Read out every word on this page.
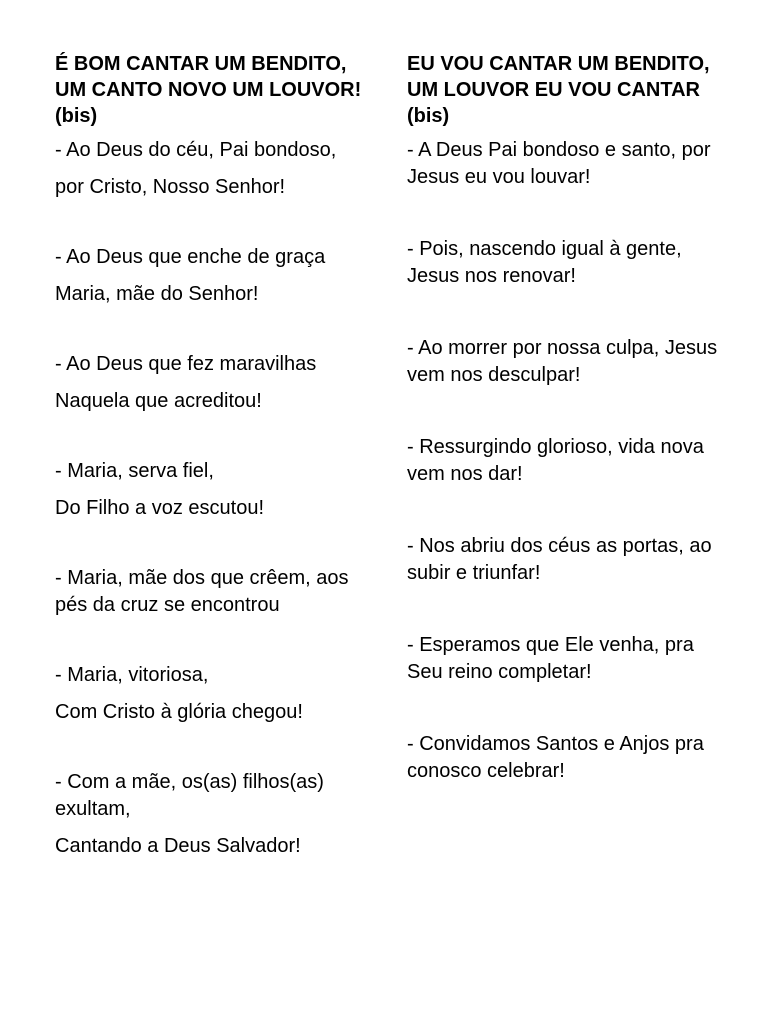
É BOM CANTAR UM BENDITO, UM CANTO NOVO UM LOUVOR! (bis)
- Ao Deus do céu, Pai bondoso,
por Cristo, Nosso Senhor!
- Ao Deus que enche de graça
Maria, mãe do Senhor!
- Ao Deus que fez maravilhas
Naquela que acreditou!
- Maria, serva fiel,
Do Filho a voz escutou!
- Maria, mãe dos que crêem, aos pés da cruz se encontrou
- Maria, vitoriosa,
Com Cristo à glória chegou!
- Com a mãe, os(as) filhos(as) exultam,
Cantando a Deus Salvador!
EU VOU CANTAR UM BENDITO, UM LOUVOR EU VOU CANTAR (bis)
- A Deus Pai bondoso e santo, por Jesus eu vou louvar!
- Pois, nascendo igual à gente, Jesus nos renovar!
- Ao morrer por nossa culpa, Jesus vem nos desculpar!
- Ressurgindo glorioso, vida nova vem nos dar!
- Nos abriu dos céus as portas, ao subir e triunfar!
- Esperamos que Ele venha, pra Seu reino completar!
- Convidamos Santos e Anjos pra conosco celebrar!
